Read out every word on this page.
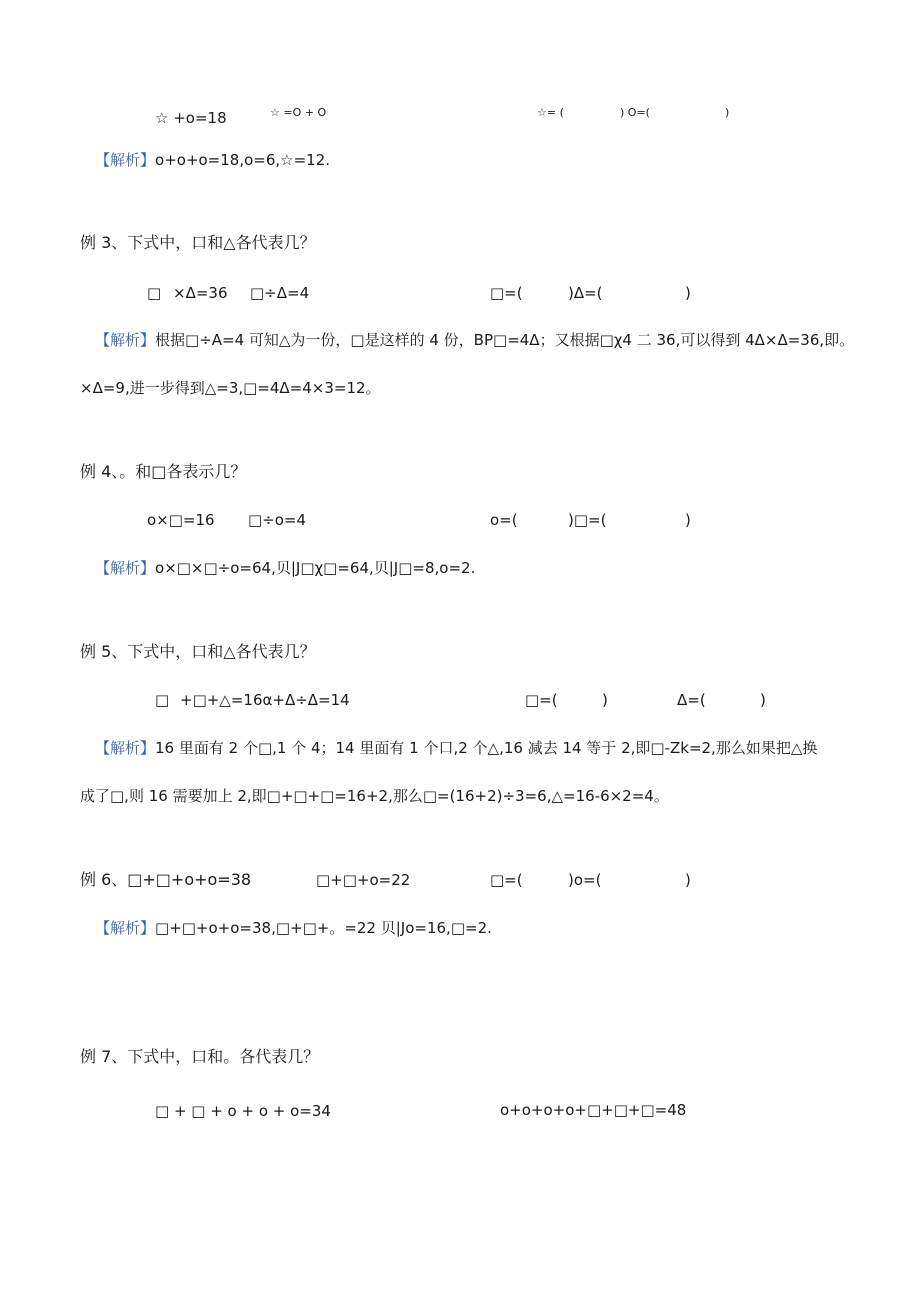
☆ +o=18	☆ =O + O	☆= (	) O=(	)
【解析】o+o+o=18,o=6,☆=12.
例 3、下式中，口和△各代表几？
□ ×Δ=36 □÷Δ=4	□=(	)Δ=(	)
【解析】根据□÷A=4 可知△为一份，□是这样的 4 份，BP□=4Δ；又根据□χ4 二 36,可以得到 4Δ×Δ=36,即。
×Δ=9,进一步得到△=3,□=4Δ=4×3=12。
例 4、。和□各表示几？
o×□=16 □÷o=4	o=(	)□=(	)
【解析】o×□×□÷o=64,贝|J□χ□=64,贝|J□=8,o=2.
例 5、下式中，口和△各代表几？
□ +□+△=16α+Δ÷Δ=14	□=(	)	Δ=(	)
【解析】16 里面有 2 个□,1 个 4；14 里面有 1 个口,2 个△,16 减去 14 等于 2,即□-Zk=2,那么如果把△换
成了□,则 16 需要加上 2,即□+□+□=16+2,那么□=(16+2)÷3=6,△=16-6×2=4。
例 6、□+□+o+o=38	□+□+o=22	□=(	)o=(	)
【解析】□+□+o+o=38,□+□+。=22 贝|Jo=16,□=2.
例 7、下式中，口和。各代表几？
□ + □ + o + o + o=34	o+o+o+o+□+□+□=48
